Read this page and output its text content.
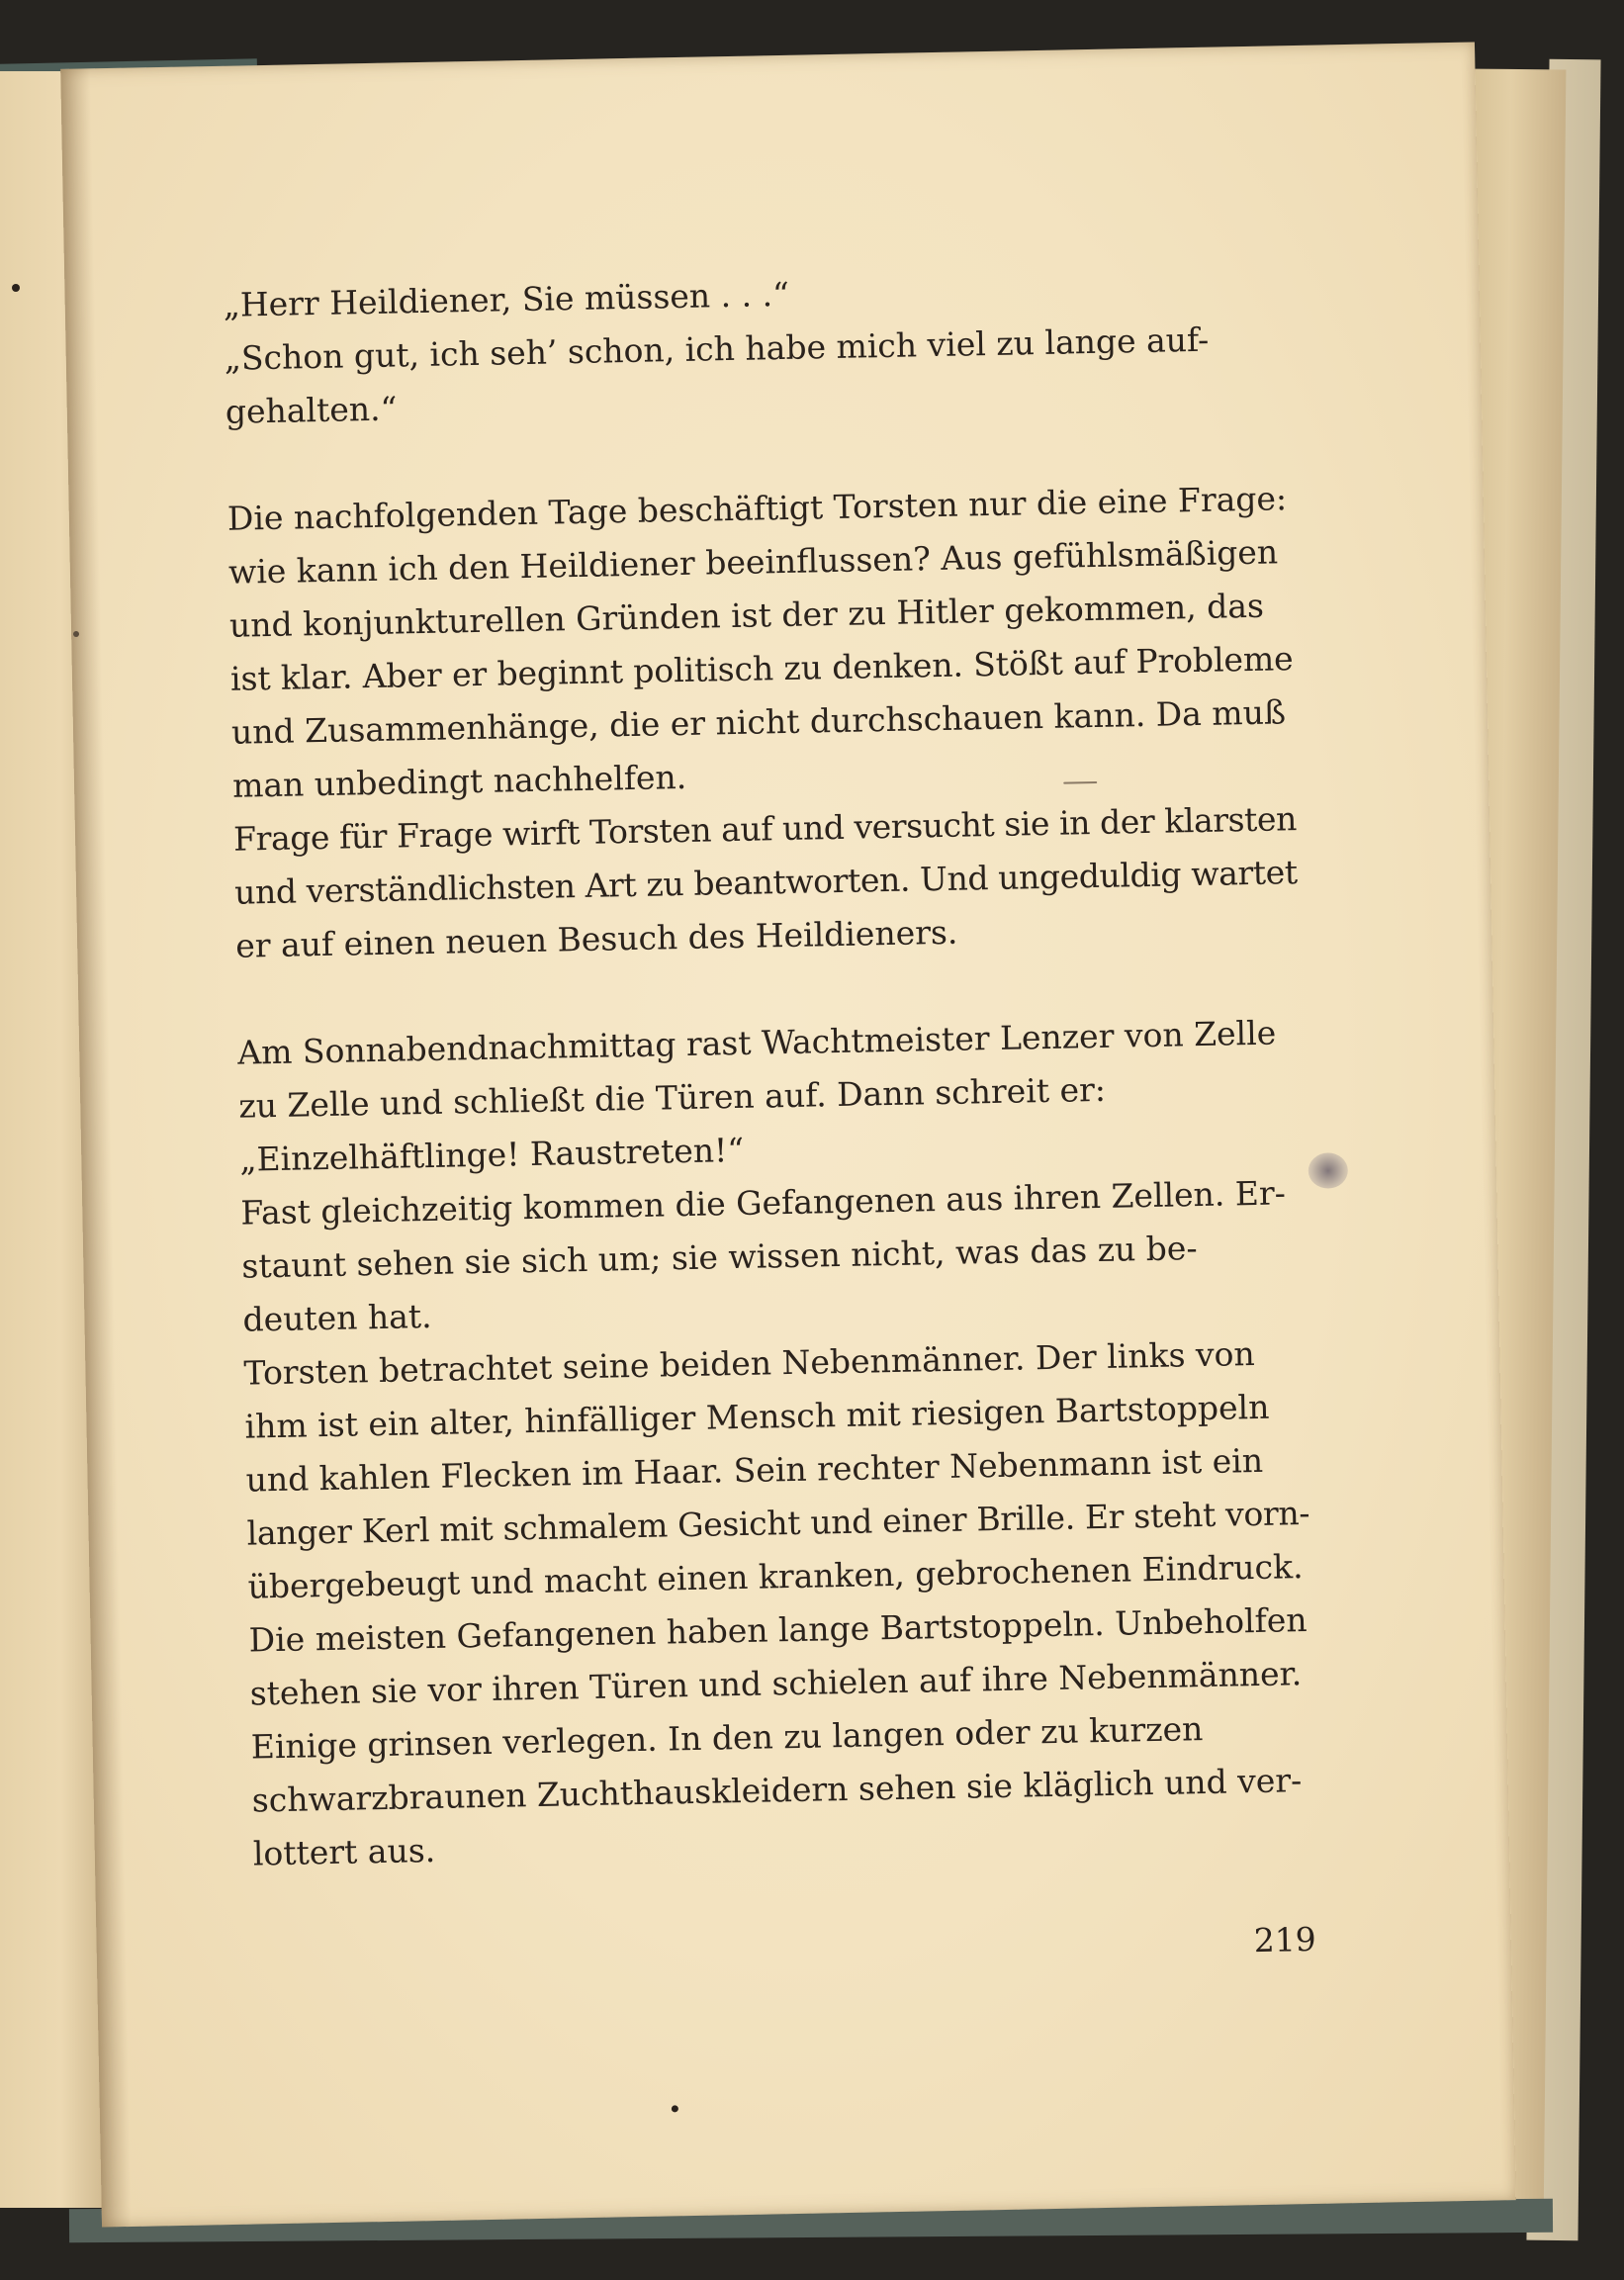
„Herr Heildiener, Sie müssen . . .“
„Schon gut, ich seh’ schon, ich habe mich viel zu lange auf-
gehalten.“
Die nachfolgenden Tage beschäftigt Torsten nur die eine Frage:
wie kann ich den Heildiener beeinflussen? Aus gefühlsmäßigen
und konjunkturellen Gründen ist der zu Hitler gekommen, das
ist klar. Aber er beginnt politisch zu denken. Stößt auf Probleme
und Zusammenhänge, die er nicht durchschauen kann. Da muß
man unbedingt nachhelfen.
Frage für Frage wirft Torsten auf und versucht sie in der klarsten
und verständlichsten Art zu beantworten. Und ungeduldig wartet
er auf einen neuen Besuch des Heildieners.
Am Sonnabendnachmittag rast Wachtmeister Lenzer von Zelle
zu Zelle und schließt die Türen auf. Dann schreit er:
„Einzelhäftlinge! Raustreten!“
Fast gleichzeitig kommen die Gefangenen aus ihren Zellen. Er-
staunt sehen sie sich um; sie wissen nicht, was das zu be-
deuten hat.
Torsten betrachtet seine beiden Nebenmänner. Der links von
ihm ist ein alter, hinfälliger Mensch mit riesigen Bartstoppeln
und kahlen Flecken im Haar. Sein rechter Nebenmann ist ein
langer Kerl mit schmalem Gesicht und einer Brille. Er steht vorn-
übergebeugt und macht einen kranken, gebrochenen Eindruck.
Die meisten Gefangenen haben lange Bartstoppeln. Unbeholfen
stehen sie vor ihren Türen und schielen auf ihre Nebenmänner.
Einige grinsen verlegen. In den zu langen oder zu kurzen
schwarzbraunen Zuchthauskleidern sehen sie kläglich und ver-
lottert aus.
219
